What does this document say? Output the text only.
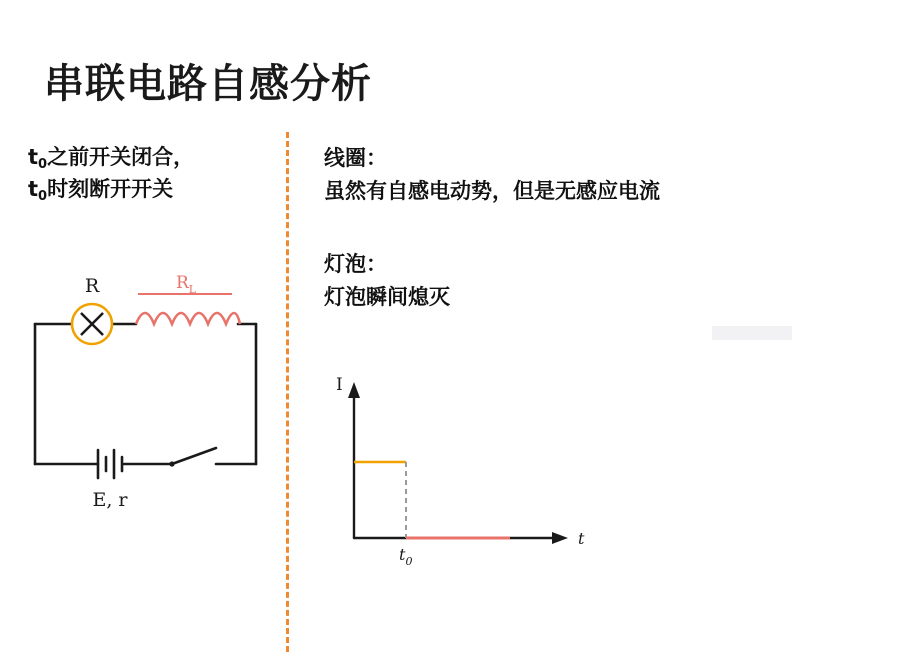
串联电路自感分析
$t_0$之前开关闭合，
$t_0$时刻断开开关
线圈：
虽然有自感电动势，但是无感应电流
灯泡：
灯泡瞬间熄灭
R	$R_L$
E, r
I
t
$t_0$
